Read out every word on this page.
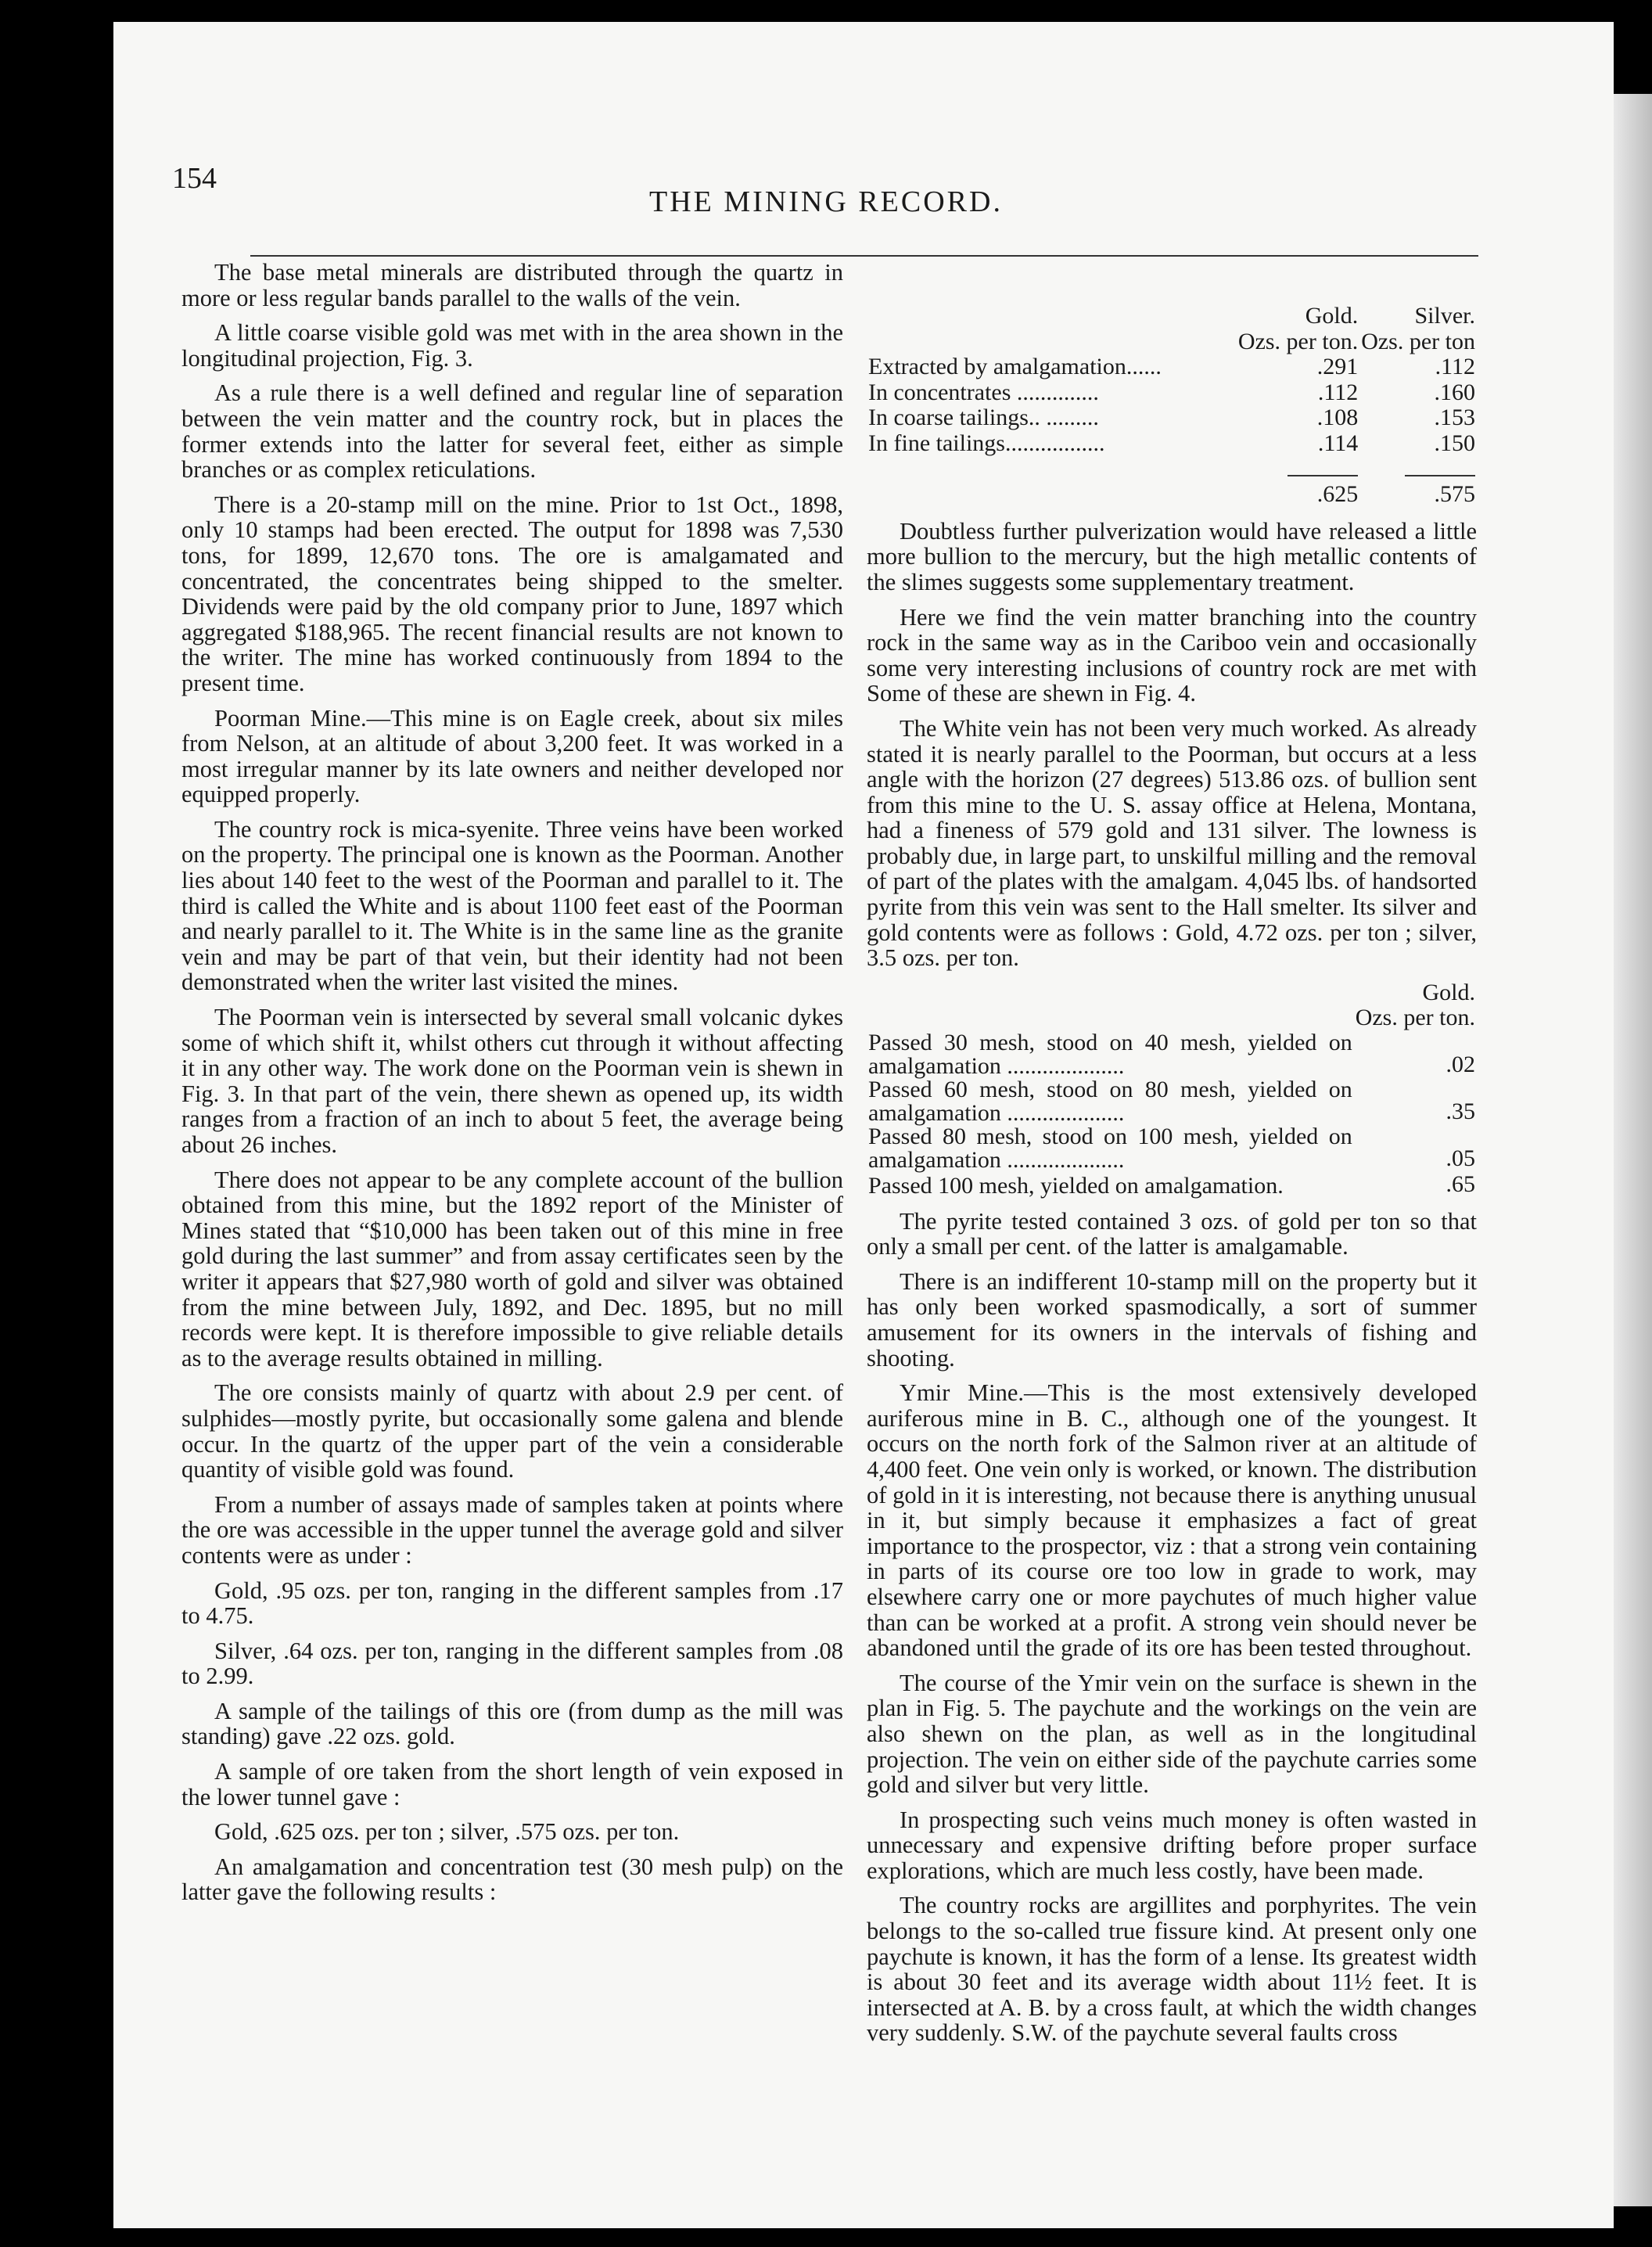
154
THE MINING RECORD.

The base metal minerals are distributed through the quartz in more or less regular bands parallel to the walls of the vein.

A little coarse visible gold was met with in the area shown in the longitudinal projection, Fig. 3.

As a rule there is a well defined and regular line of separation between the vein matter and the country rock, but in places the former extends into the latter for several feet, either as simple branches or as complex reticulations.

There is a 20-stamp mill on the mine. Prior to 1st Oct., 1898, only 10 stamps had been erected. The output for 1898 was 7,530 tons, for 1899, 12,670 tons. The ore is amalgamated and concentrated, the concentrates being shipped to the smelter. Dividends were paid by the old company prior to June, 1897 which aggregated $188,965. The recent financial results are not known to the writer. The mine has worked continuously from 1894 to the present time.

Poorman Mine.—This mine is on Eagle creek, about six miles from Nelson, at an altitude of about 3,200 feet. It was worked in a most irregular manner by its late owners and neither developed nor equipped properly.

The country rock is mica-syenite. Three veins have been worked on the property. The principal one is known as the Poorman. Another lies about 140 feet to the west of the Poorman and parallel to it. The third is called the White and is about 1100 feet east of the Poorman and nearly parallel to it. The White is in the same line as the granite vein and may be part of that vein, but their identity had not been demonstrated when the writer last visited the mines.

The Poorman vein is intersected by several small volcanic dykes some of which shift it, whilst others cut through it without affecting it in any other way. The work done on the Poorman vein is shewn in Fig. 3. In that part of the vein, there shewn as opened up, its width ranges from a fraction of an inch to about 5 feet, the average being about 26 inches.

There does not appear to be any complete account of the bullion obtained from this mine, but the 1892 report of the Minister of Mines stated that “$10,000 has been taken out of this mine in free gold during the last summer” and from assay certificates seen by the writer it appears that $27,980 worth of gold and silver was obtained from the mine between July, 1892, and Dec. 1895, but no mill records were kept. It is therefore impossible to give reliable details as to the average results obtained in milling.

The ore consists mainly of quartz with about 2.9 per cent. of sulphides—mostly pyrite, but occasionally some galena and blende occur. In the quartz of the upper part of the vein a considerable quantity of visible gold was found.

From a number of assays made of samples taken at points where the ore was accessible in the upper tunnel the average gold and silver contents were as under :

Gold, .95 ozs. per ton, ranging in the different samples from .17 to 4.75.

Silver, .64 ozs. per ton, ranging in the different samples from .08 to 2.99.

A sample of the tailings of this ore (from dump as the mill was standing) gave .22 ozs. gold.

A sample of ore taken from the short length of vein exposed in the lower tunnel gave :

Gold, .625 ozs. per ton ; silver, .575 ozs. per ton.

An amalgamation and concentration test (30 mesh pulp) on the latter gave the following results :

	Gold.	Silver.
	Ozs. per ton.	Ozs. per ton
Extracted by amalgamation......	.291	.112
In concentrates ..............	.112	.160
In coarse tailings.. .........	.108	.153
In fine tailings.................	.114	.150

	.625	.575

Doubtless further pulverization would have released a little more bullion to the mercury, but the high metallic contents of the slimes suggests some supplementary treatment.

Here we find the vein matter branching into the country rock in the same way as in the Cariboo vein and occasionally some very interesting inclusions of country rock are met with Some of these are shewn in Fig. 4.

The White vein has not been very much worked. As already stated it is nearly parallel to the Poorman, but occurs at a less angle with the horizon (27 degrees) 513.86 ozs. of bullion sent from this mine to the U. S. assay office at Helena, Montana, had a fineness of 579 gold and 131 silver. The lowness is probably due, in large part, to unskilful milling and the removal of part of the plates with the amalgam. 4,045 lbs. of handsorted pyrite from this vein was sent to the Hall smelter. Its silver and gold contents were as follows : Gold, 4.72 ozs. per ton ; silver, 3.5 ozs. per ton.

	Gold.
	Ozs. per ton.
Passed 30 mesh, stood on 40 mesh, yielded on amalgamation ....................	.02
Passed 60 mesh, stood on 80 mesh, yielded on amalgamation ....................	.35
Passed 80 mesh, stood on 100 mesh, yielded on amalgamation ....................	.05
Passed 100 mesh, yielded on amalgamation.	.65

The pyrite tested contained 3 ozs. of gold per ton so that only a small per cent. of the latter is amalgamable.

There is an indifferent 10-stamp mill on the property but it has only been worked spasmodically, a sort of summer amusement for its owners in the intervals of fishing and shooting.

Ymir Mine.—This is the most extensively developed auriferous mine in B. C., although one of the youngest. It occurs on the north fork of the Salmon river at an altitude of 4,400 feet. One vein only is worked, or known. The distribution of gold in it is interesting, not because there is anything unusual in it, but simply because it emphasizes a fact of great importance to the prospector, viz : that a strong vein containing in parts of its course ore too low in grade to work, may elsewhere carry one or more paychutes of much higher value than can be worked at a profit. A strong vein should never be abandoned until the grade of its ore has been tested throughout.

The course of the Ymir vein on the surface is shewn in the plan in Fig. 5. The paychute and the workings on the vein are also shewn on the plan, as well as in the longitudinal projection. The vein on either side of the paychute carries some gold and silver but very little.

In prospecting such veins much money is often wasted in unnecessary and expensive drifting before proper surface explorations, which are much less costly, have been made.

The country rocks are argillites and porphyrites. The vein belongs to the so-called true fissure kind. At present only one paychute is known, it has the form of a lense. Its greatest width is about 30 feet and its average width about 11½ feet. It is intersected at A. B. by a cross fault, at which the width changes very suddenly. S.W. of the paychute several faults cross
